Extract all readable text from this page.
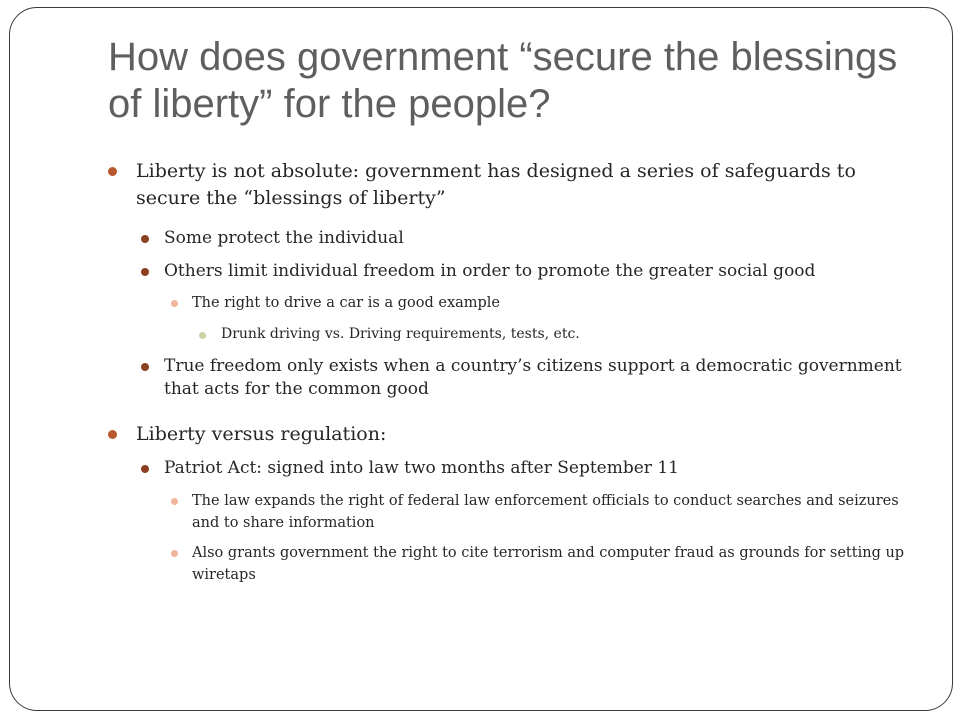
How does government “secure the blessings of liberty” for the people?

Liberty is not absolute: government has designed a series of safeguards to secure the “blessings of liberty”

Some protect the individual

Others limit individual freedom in order to promote the greater social good

The right to drive a car is a good example

Drunk driving vs. Driving requirements, tests, etc.

True freedom only exists when a country’s citizens support a democratic government that acts for the common good

Liberty versus regulation:

Patriot Act: signed into law two months after September 11

The law expands the right of federal law enforcement officials to conduct searches and seizures and to share information

Also grants government the right to cite terrorism and computer fraud as grounds for setting up wiretaps
